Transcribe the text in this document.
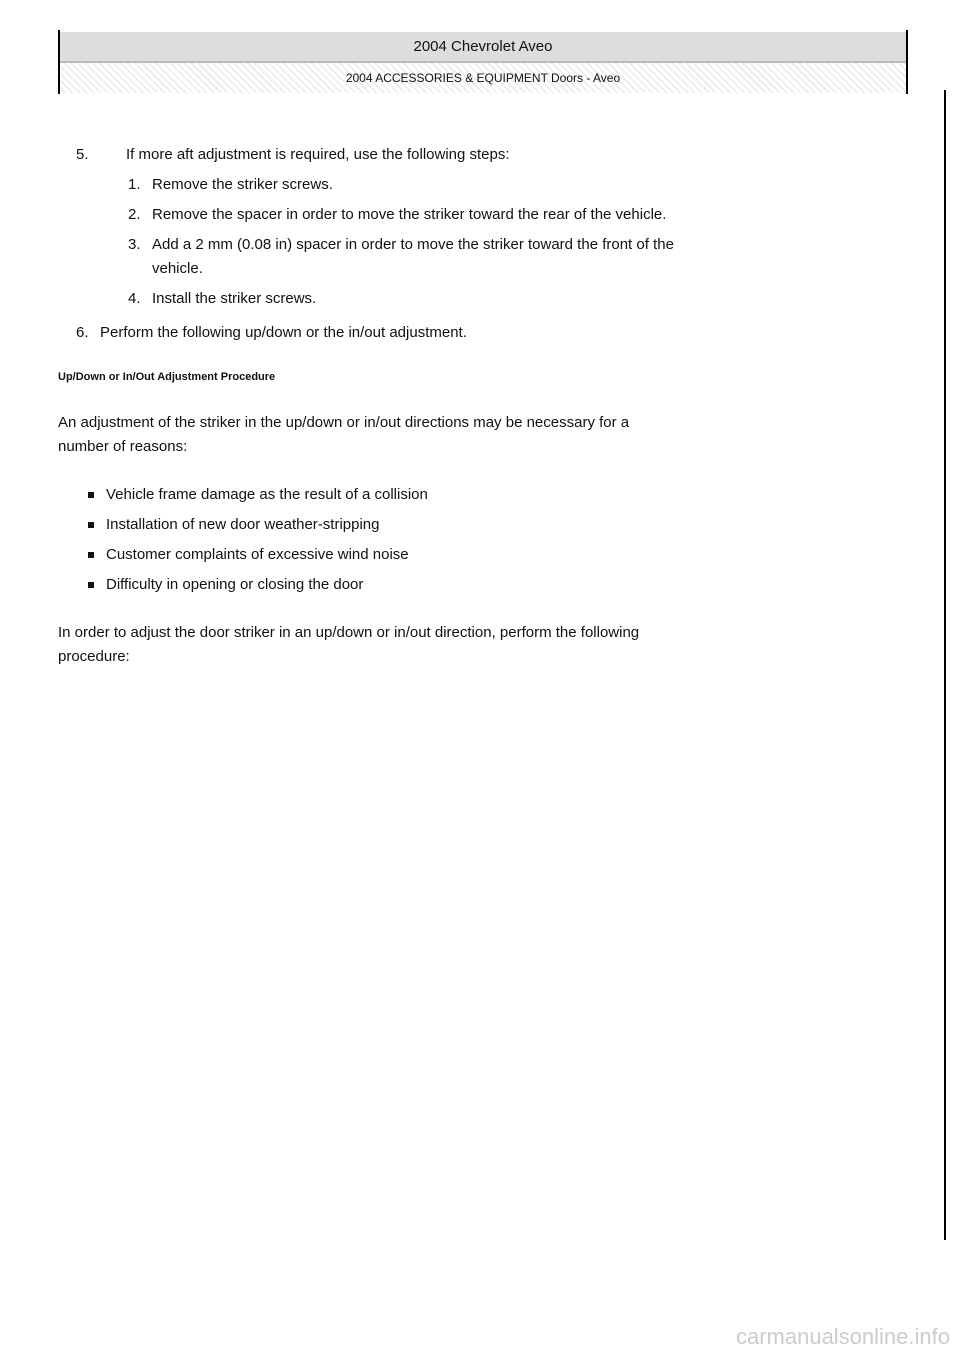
2004 Chevrolet Aveo
2004 ACCESSORIES & EQUIPMENT Doors - Aveo
5. If more aft adjustment is required, use the following steps:
1. Remove the striker screws.
2. Remove the spacer in order to move the striker toward the rear of the vehicle.
3. Add a 2 mm (0.08 in) spacer in order to move the striker toward the front of the
vehicle.
4. Install the striker screws.
6. Perform the following up/down or the in/out adjustment.
Up/Down or In/Out Adjustment Procedure
An adjustment of the striker in the up/down or in/out directions may be necessary for a
number of reasons:
Vehicle frame damage as the result of a collision
Installation of new door weather-stripping
Customer complaints of excessive wind noise
Difficulty in opening or closing the door
In order to adjust the door striker in an up/down or in/out direction, perform the following
procedure:
carmanualsonline.info
